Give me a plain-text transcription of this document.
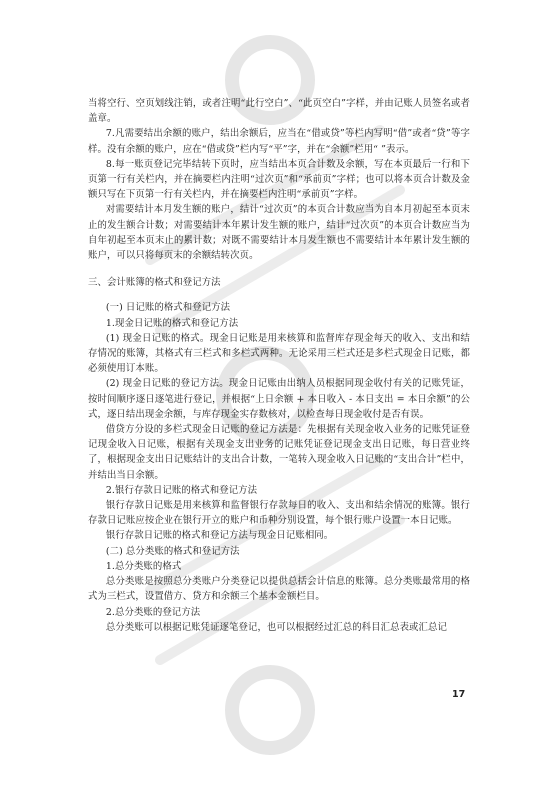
当将空行、空页划线注销，或者注明“此行空白”、“此页空白”字样，并由记账人员签名或者盖章。

7.凡需要结出余额的账户，结出余额后，应当在“借或贷”等栏内写明“借”或者“贷”等字样。没有余额的账户，应在“借或贷”栏内写“平”字，并在“余额”栏用“ ”表示。

8.每一账页登记完毕结转下页时，应当结出本页合计数及余额，写在本页最后一行和下页第一行有关栏内，并在摘要栏内注明“过次页”和“承前页”字样；也可以将本页合计数及金额只写在下页第一行有关栏内，并在摘要栏内注明“承前页”字样。

对需要结计本月发生额的账户，结计“过次页”的本页合计数应当为自本月初起至本页末止的发生额合计数；对需要结计本年累计发生额的账户，结计“过次页”的本页合计数应当为自年初起至本页末止的累计数；对既不需要结计本月发生额也不需要结计本年累计发生额的账户，可以只将每页末的余额结转次页。

三、会计账簿的格式和登记方法

(一) 日记账的格式和登记方法

1.现金日记账的格式和登记方法

(1) 现金日记账的格式。现金日记账是用来核算和监督库存现金每天的收入、支出和结存情况的账簿，其格式有三栏式和多栏式两种。无论采用三栏式还是多栏式现金日记账，都必须使用订本账。

(2) 现金日记账的登记方法。现金日记账由出纳人员根据同现金收付有关的记账凭证，按时间顺序逐日逐笔进行登记，并根据“上日余额 + 本日收入 - 本日支出 = 本日余额”的公式，逐日结出现金余额，与库存现金实存数核对，以检查每日现金收付是否有误。

借贷方分设的多栏式现金日记账的登记方法是：先根据有关现金收入业务的记账凭证登记现金收入日记账，根据有关现金支出业务的记账凭证登记现金支出日记账，每日营业终了，根据现金支出日记账结计的支出合计数，一笔转入现金收入日记账的“支出合计”栏中，并结出当日余额。

2.银行存款日记账的格式和登记方法

银行存款日记账是用来核算和监督银行存款每日的收入、支出和结余情况的账簿。银行存款日记账应按企业在银行开立的账户和币种分别设置，每个银行账户设置一本日记账。

银行存款日记账的格式和登记方法与现金日记账相同。

(二) 总分类账的格式和登记方法

1.总分类账的格式

总分类账是按照总分类账户分类登记以提供总括会计信息的账簿。总分类账最常用的格式为三栏式，设置借方、贷方和余额三个基本金额栏目。

2.总分类账的登记方法

总分类账可以根据记账凭证逐笔登记，也可以根据经过汇总的科目汇总表或汇总记

17
